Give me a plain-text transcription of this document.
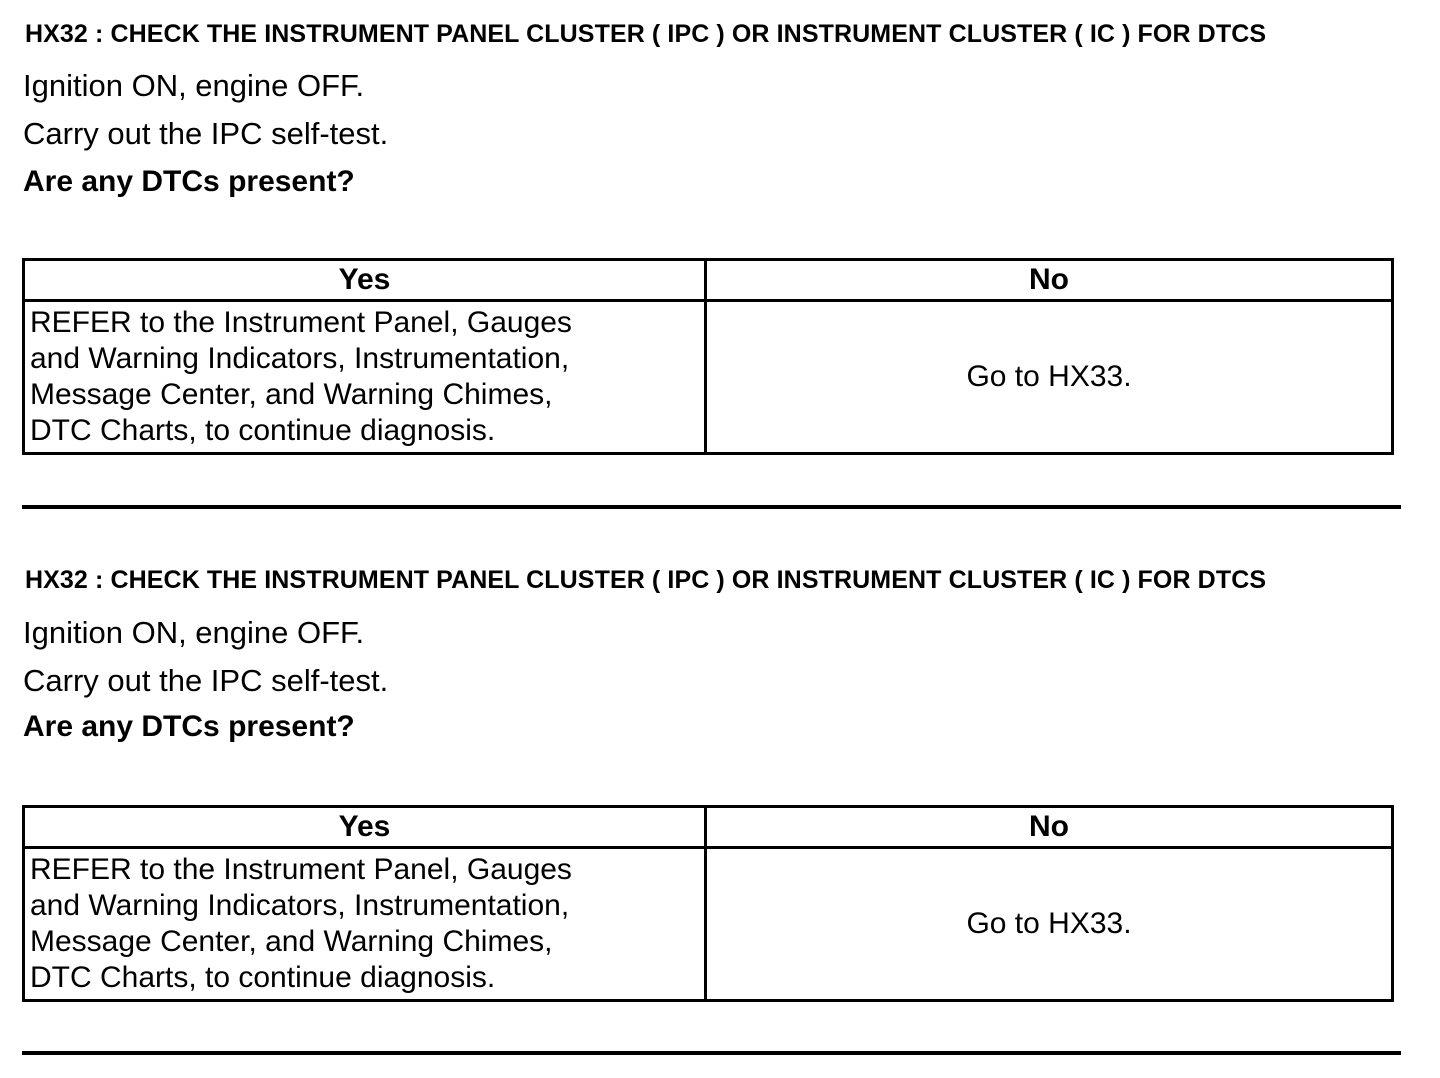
HX32 : CHECK THE INSTRUMENT PANEL CLUSTER ( IPC ) OR INSTRUMENT CLUSTER ( IC ) FOR DTCS
Ignition ON, engine OFF.
Carry out the IPC self-test.
Are any DTCs present?
Yes	No

REFER to the Instrument Panel, Gauges
and Warning Indicators, Instrumentation,
Message Center, and Warning Chimes,
DTC Charts, to continue diagnosis.	Go to HX33.
HX32 : CHECK THE INSTRUMENT PANEL CLUSTER ( IPC ) OR INSTRUMENT CLUSTER ( IC ) FOR DTCS
Ignition ON, engine OFF.
Carry out the IPC self-test.
Are any DTCs present?
Yes	No

REFER to the Instrument Panel, Gauges
and Warning Indicators, Instrumentation,
Message Center, and Warning Chimes,
DTC Charts, to continue diagnosis.	Go to HX33.
